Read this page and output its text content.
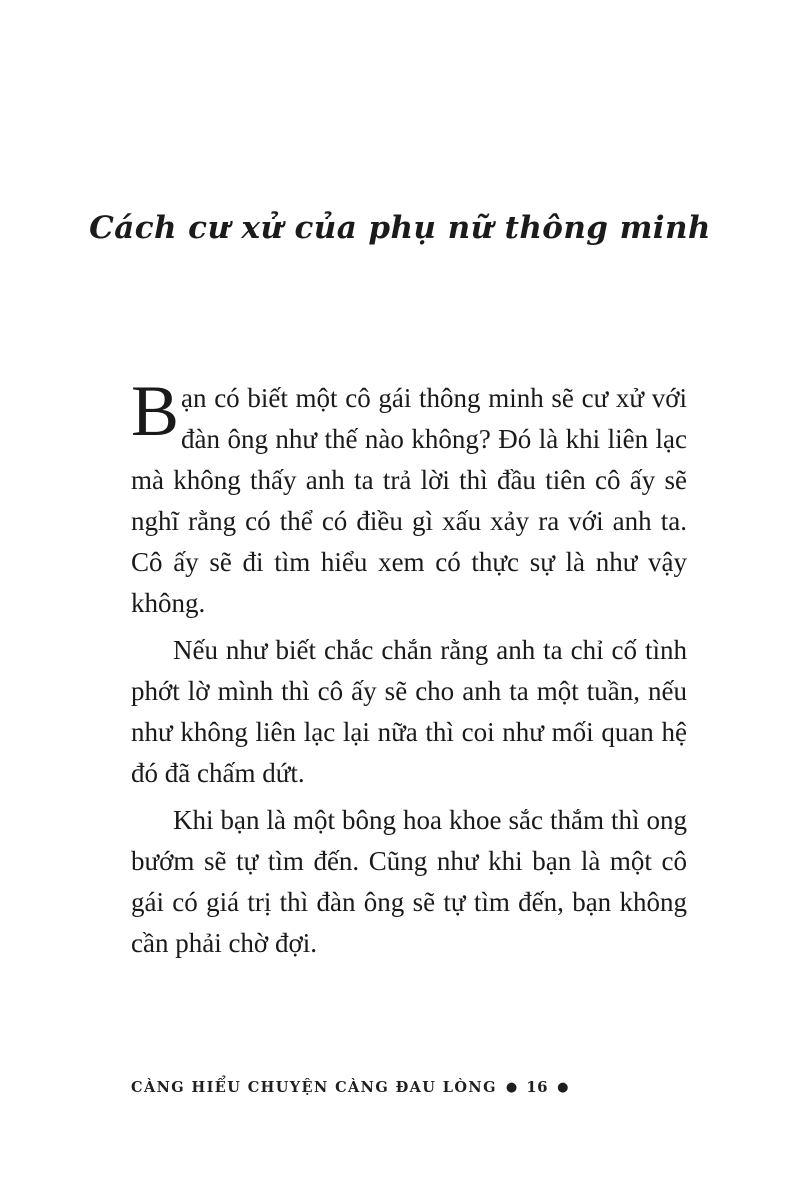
Cách cư xử của phụ nữ thông minh

Bạn có biết một cô gái thông minh sẽ cư xử với đàn ông như thế nào không? Đó là khi liên lạc mà không thấy anh ta trả lời thì đầu tiên cô ấy sẽ nghĩ rằng có thể có điều gì xấu xảy ra với anh ta. Cô ấy sẽ đi tìm hiểu xem có thực sự là như vậy không.

Nếu như biết chắc chắn rằng anh ta chỉ cố tình phớt lờ mình thì cô ấy sẽ cho anh ta một tuần, nếu như không liên lạc lại nữa thì coi như mối quan hệ đó đã chấm dứt.

Khi bạn là một bông hoa khoe sắc thắm thì ong bướm sẽ tự tìm đến. Cũng như khi bạn là một cô gái có giá trị thì đàn ông sẽ tự tìm đến, bạn không cần phải chờ đợi.

CÀNG HIỂU CHUYỆN CÀNG ĐAU LÒNG ● 16 ●
